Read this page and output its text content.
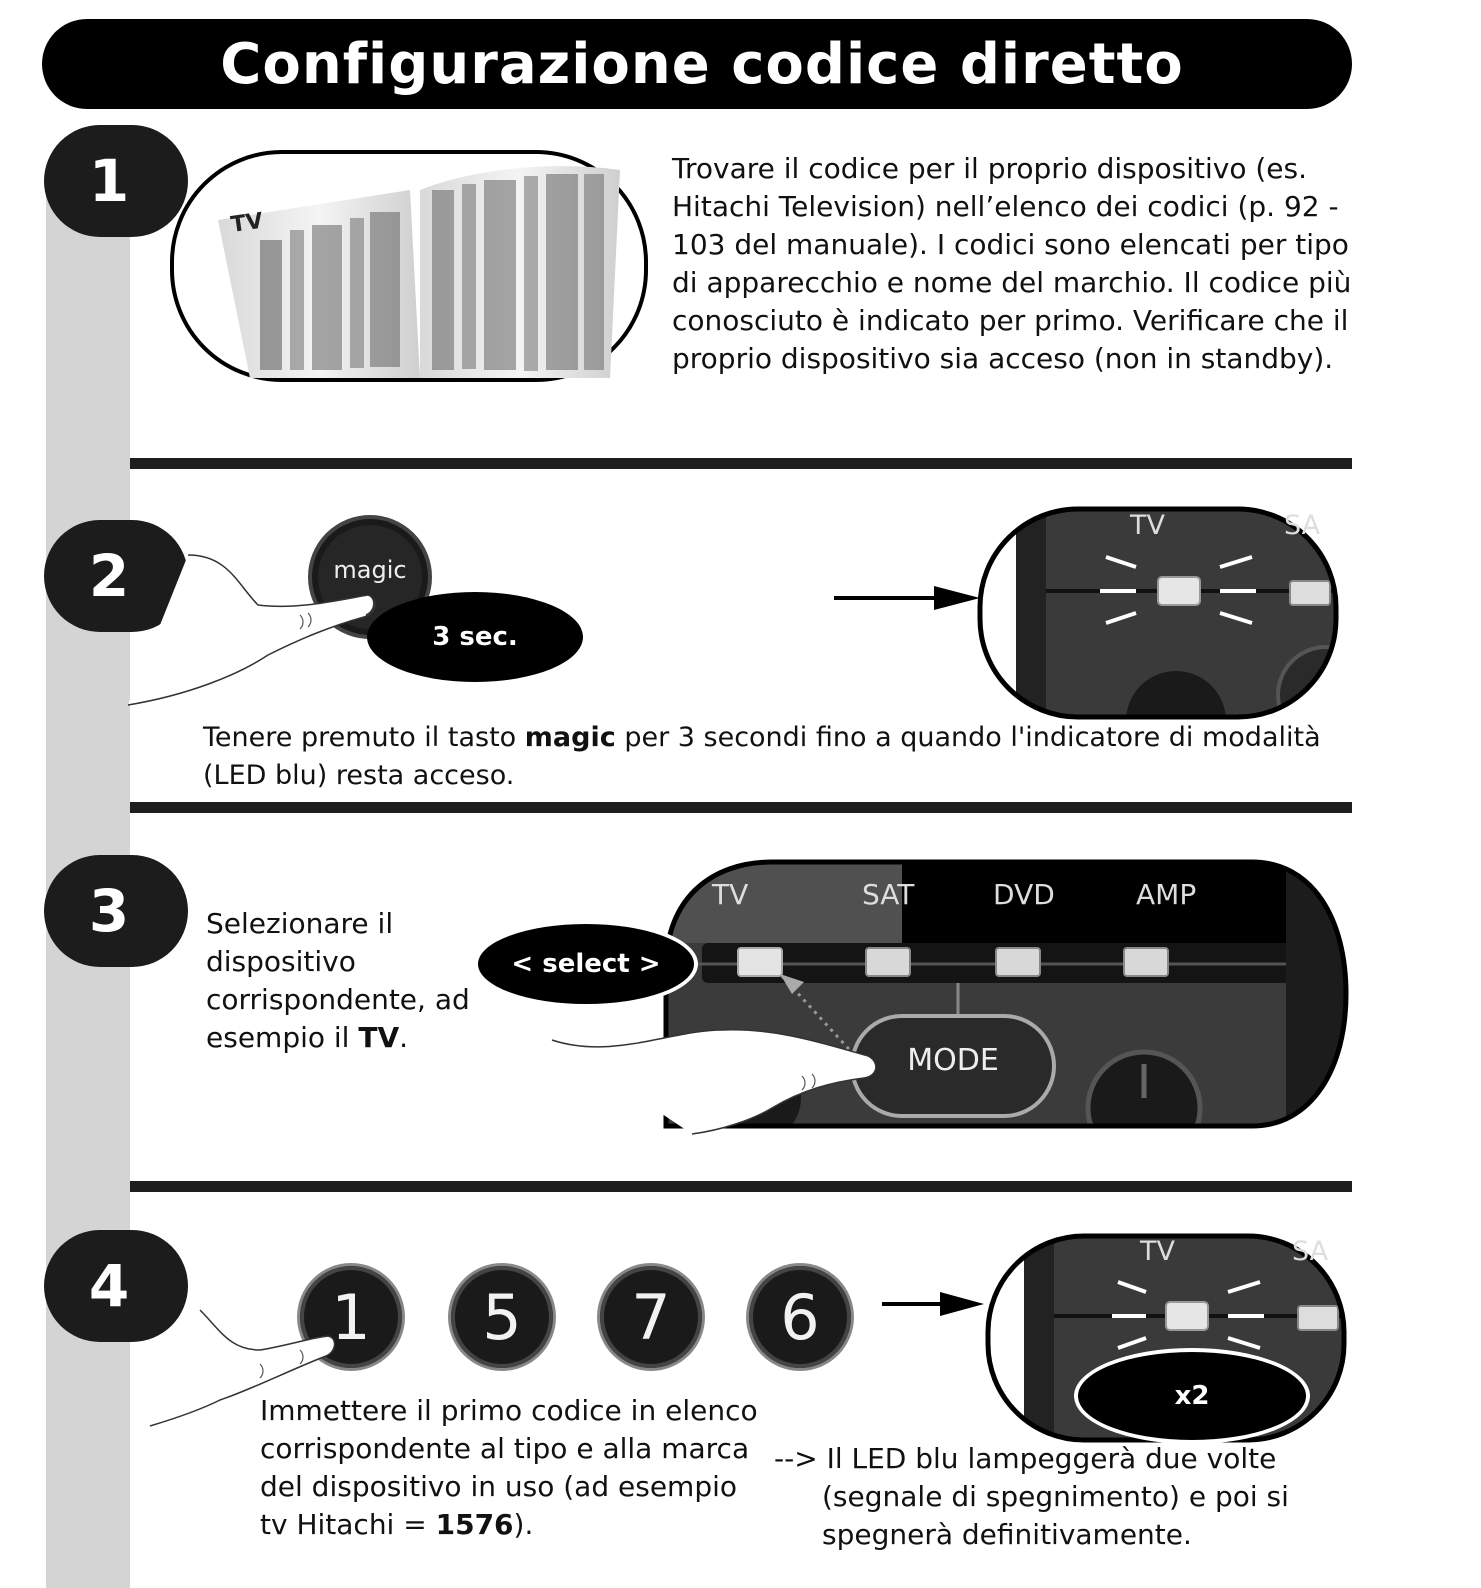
Configurazione codice diretto
1
TV
Trovare il codice per il proprio dispositivo (es. Hitachi Television) nell’elenco dei codici (p. 92 - 103 del manuale). I codici sono elencati per tipo di apparecchio e nome del marchio. Il codice più conosciuto è indicato per primo. Verificare che il proprio dispositivo sia acceso (non in standby).
2	magic
3 sec.
TV	SA
Tenere premuto il tasto magic per 3 secondi fino a quando l'indicatore di modalità (LED blu) resta acceso.
3	Selezionare il dispositivo corrispondente, ad esempio il TV.
TV	SAT	DVD	AMP
MODE
< select >
4	1	5	7	6
TV	SA
x2
Immettere il primo codice in elenco corrispondente al tipo e alla marca del dispositivo in uso (ad esempio tv Hitachi = 1576).
--> Il LED blu lampeggerà due volte (segnale di spegnimento) e poi si spegnerà definitivamente.
